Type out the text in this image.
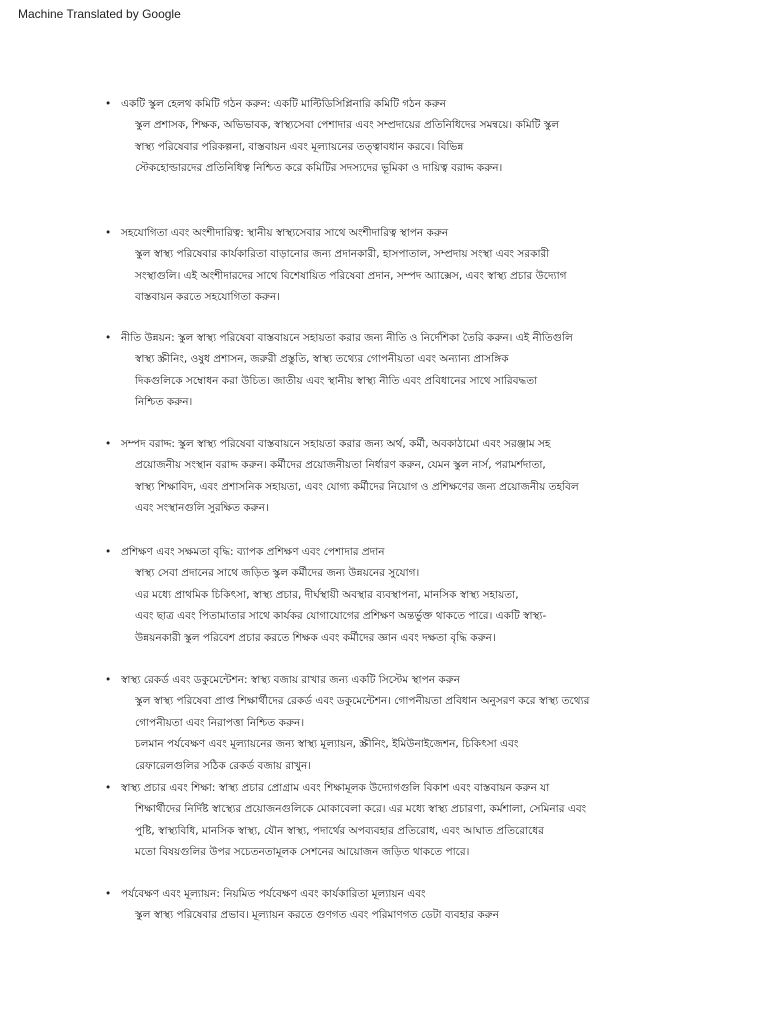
Machine Translated by Google
• একটি স্কুল হেলথ কমিটি গঠন করুন: একটি মাল্টিডিসিপ্লিনারি কমিটি গঠন করুন
স্কুল প্রশাসক, শিক্ষক, অভিভাবক, স্বাস্থ্যসেবা পেশাদার এবং সম্প্রদায়ের প্রতিনিধিদের সমন্বয়ে। কমিটি স্কুল
স্বাস্থ্য পরিষেবার পরিকল্পনা, বাস্তবায়ন এবং মূল্যায়নের তত্ত্বাবধান করবে। বিভিন্ন
স্টেকহোল্ডারদের প্রতিনিধিত্ব নিশ্চিত করে কমিটির সদস্যদের ভূমিকা ও দায়িত্ব বরাদ্দ করুন।
• সহযোগিতা এবং অংশীদারিত্ব: স্থানীয় স্বাস্থ্যসেবার সাথে অংশীদারিত্ব স্থাপন করুন
স্কুল স্বাস্থ্য পরিষেবার কার্যকারিতা বাড়ানোর জন্য প্রদানকারী, হাসপাতাল, সম্প্রদায় সংস্থা এবং সরকারী
সংস্থাগুলি। এই অংশীদারদের সাথে বিশেষায়িত পরিষেবা প্রদান, সম্পদ অ্যাক্সেস, এবং স্বাস্থ্য প্রচার উদ্যোগ
বাস্তবায়ন করতে সহযোগিতা করুন।
• নীতি উন্নয়ন: স্কুল স্বাস্থ্য পরিষেবা বাস্তবায়নে সহায়তা করার জন্য নীতি ও নির্দেশিকা তৈরি করুন। এই নীতিগুলি
স্বাস্থ্য স্ক্রীনিং, ওষুধ প্রশাসন, জরুরী প্রস্তুতি, স্বাস্থ্য তথ্যের গোপনীয়তা এবং অন্যান্য প্রাসঙ্গিক
দিকগুলিকে সম্বোধন করা উচিত। জাতীয় এবং স্থানীয় স্বাস্থ্য নীতি এবং প্রবিধানের সাথে সারিবদ্ধতা
নিশ্চিত করুন।
• সম্পদ বরাদ্দ: স্কুল স্বাস্থ্য পরিষেবা বাস্তবায়নে সহায়তা করার জন্য অর্থ, কর্মী, অবকাঠামো এবং সরঞ্জাম সহ
প্রয়োজনীয় সংস্থান বরাদ্দ করুন। কর্মীদের প্রয়োজনীয়তা নির্ধারণ করুন, যেমন স্কুল নার্স, পরামর্শদাতা,
স্বাস্থ্য শিক্ষাবিদ, এবং প্রশাসনিক সহায়তা, এবং যোগ্য কর্মীদের নিয়োগ ও প্রশিক্ষণের জন্য প্রয়োজনীয় তহবিল
এবং সংস্থানগুলি সুরক্ষিত করুন।
• প্রশিক্ষণ এবং সক্ষমতা বৃদ্ধি: ব্যাপক প্রশিক্ষণ এবং পেশাদার প্রদান
স্বাস্থ্য সেবা প্রদানের সাথে জড়িত স্কুল কর্মীদের জন্য উন্নয়নের সুযোগ।
এর মধ্যে প্রাথমিক চিকিৎসা, স্বাস্থ্য প্রচার, দীর্ঘস্থায়ী অবস্থার ব্যবস্থাপনা, মানসিক স্বাস্থ্য সহায়তা,
এবং ছাত্র এবং পিতামাতার সাথে কার্যকর যোগাযোগের প্রশিক্ষণ অন্তর্ভুক্ত থাকতে পারে। একটি স্বাস্থ্য-
উন্নয়নকারী স্কুল পরিবেশ প্রচার করতে শিক্ষক এবং কর্মীদের জ্ঞান এবং দক্ষতা বৃদ্ধি করুন।
• স্বাস্থ্য রেকর্ড এবং ডকুমেন্টেশন: স্বাস্থ্য বজায় রাখার জন্য একটি সিস্টেম স্থাপন করুন
স্কুল স্বাস্থ্য পরিষেবা প্রাপ্ত শিক্ষার্থীদের রেকর্ড এবং ডকুমেন্টেশন। গোপনীয়তা প্রবিধান অনুসরণ করে স্বাস্থ্য তথ্যের
গোপনীয়তা এবং নিরাপত্তা নিশ্চিত করুন।
চলমান পর্যবেক্ষণ এবং মূল্যায়নের জন্য স্বাস্থ্য মূল্যায়ন, স্ক্রীনিং, ইমিউনাইজেশন, চিকিৎসা এবং
রেফারেলগুলির সঠিক রেকর্ড বজায় রাখুন।
• স্বাস্থ্য প্রচার এবং শিক্ষা: স্বাস্থ্য প্রচার প্রোগ্রাম এবং শিক্ষামূলক উদ্যোগগুলি বিকাশ এবং বাস্তবায়ন করুন যা
শিক্ষার্থীদের নির্দিষ্ট স্বাস্থ্যের প্রয়োজনগুলিকে মোকাবেলা করে। এর মধ্যে স্বাস্থ্য প্রচারণা, কর্মশালা, সেমিনার এবং
পুষ্টি, স্বাস্থ্যবিধি, মানসিক স্বাস্থ্য, যৌন স্বাস্থ্য, পদার্থের অপব্যবহার প্রতিরোধ, এবং আঘাত প্রতিরোধের
মতো বিষয়গুলির উপর সচেতনতামূলক সেশনের আয়োজন জড়িত থাকতে পারে।
• পর্যবেক্ষণ এবং মূল্যায়ন: নিয়মিত পর্যবেক্ষণ এবং কার্যকারিতা মূল্যায়ন এবং
স্কুল স্বাস্থ্য পরিষেবার প্রভাব। মূল্যায়ন করতে গুণগত এবং পরিমাণগত ডেটা ব্যবহার করুন
